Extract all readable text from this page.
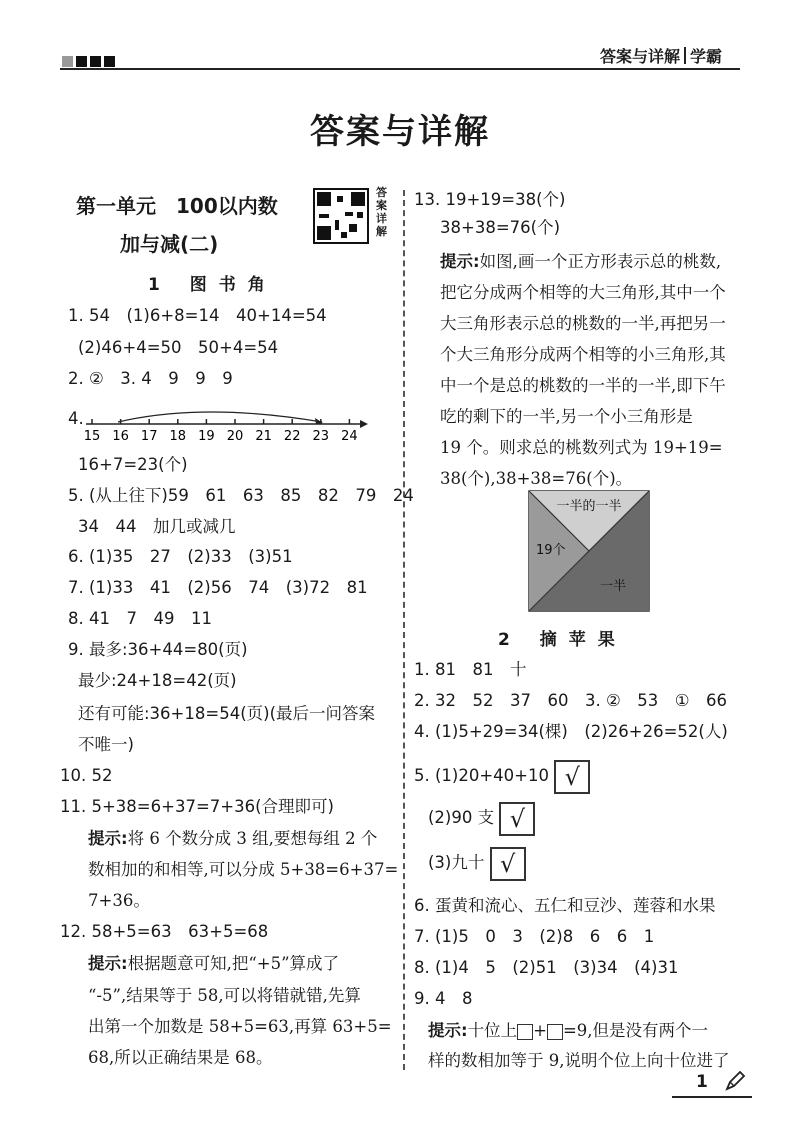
答案与详解 学霸
答案与详解
第一单元　100以内数
加与减(二)
答案详解
1 图书角
1. 54　(1)6+8=14　40+14=54
(2)46+4=50　50+4=54
2. ②　3. 4　9　9　9
4.
15 16 17 18 19 20 21 22 23 24
16+7=23(个)
5. (从上往下)59　61　63　85　82　79　24
34　44　加几或减几
6. (1)35　27　(2)33　(3)51
7. (1)33　41　(2)56　74　(3)72　81
8. 41　7　49　11
9. 最多:36+44=80(页)
最少:24+18=42(页)
还有可能:36+18=54(页)(最后一问答案
不唯一)
10. 52
11. 5+38=6+37=7+36(合理即可)
提示:将 6 个数分成 3 组,要想每组 2 个
数相加的和相等,可以分成 5+38=6+37=
7+36。
12. 58+5=63　63+5=68
提示:根据题意可知,把“+5”算成了
“-5”,结果等于 58,可以将错就错,先算
出第一个加数是 58+5=63,再算 63+5=
68,所以正确结果是 68。
13. 19+19=38(个)
38+38=76(个)
提示:如图,画一个正方形表示总的桃数,
把它分成两个相等的大三角形,其中一个
大三角形表示总的桃数的一半,再把另一
个大三角形分成两个相等的小三角形,其
中一个是总的桃数的一半的一半,即下午
吃的剩下的一半,另一个小三角形是
19 个。则求总的桃数列式为 19+19=
38(个),38+38=76(个)。
一半的一半
19个
一半
2 摘苹果
1. 81　81　十
2. 32　52　37　60　3. ②　53　①　66
4. (1)5+29=34(棵)　(2)26+26=52(人)
5. (1)20+40+10 √
(2)90 支 √
(3)九十 √
6. 蛋黄和流心、五仁和豆沙、莲蓉和水果
7. (1)5　0　3　(2)8　6　6　1
8. (1)4　5　(2)51　(3)34　(4)31
9. 4　8
提示:十位上 + =9,但是没有两个一
样的数相加等于 9,说明个位上向十位进了
1
